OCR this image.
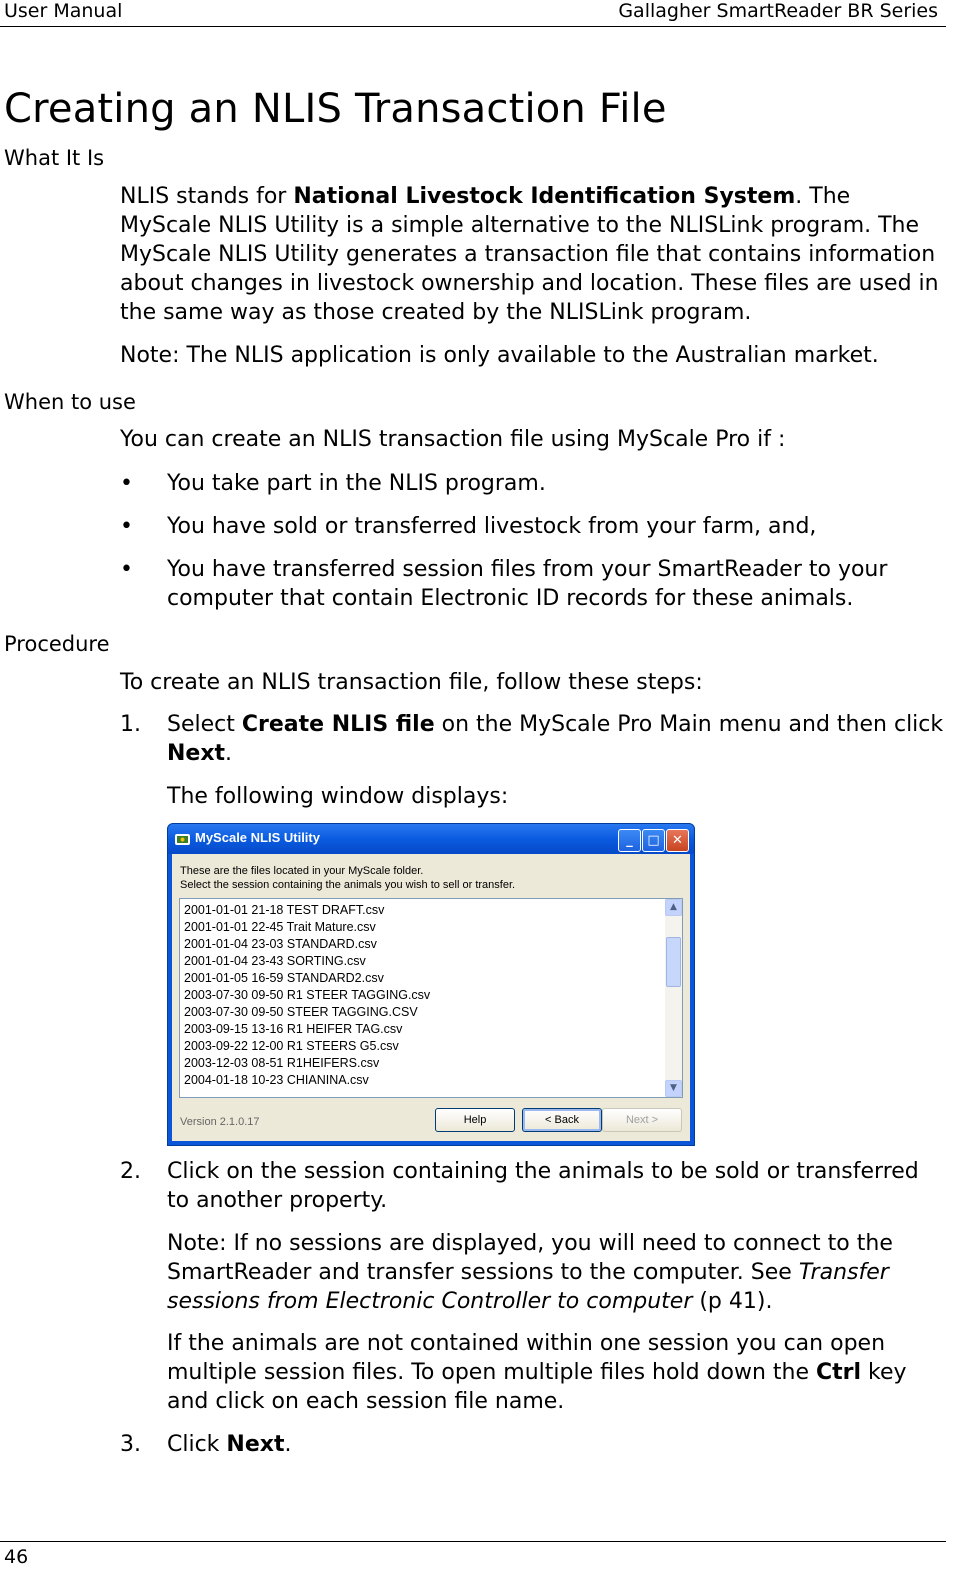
User Manual	Gallagher SmartReader BR Series
Creating an NLIS Transaction File
What It Is

NLIS stands for National Livestock Identification System. The MyScale NLIS Utility is a simple alternative to the NLISLink program. The MyScale NLIS Utility generates a transaction file that contains information about changes in livestock ownership and location. These files are used in the same way as those created by the NLISLink program.

Note: The NLIS application is only available to the Australian market.

When to use

You can create an NLIS transaction file using MyScale Pro if :

•	You take part in the NLIS program.
•	You have sold or transferred livestock from your farm, and,
•	You have transferred session files from your SmartReader to your computer that contain Electronic ID records for these animals.
Procedure

To create an NLIS transaction file, follow these steps:

1. Select Create NLIS file on the MyScale Pro Main menu and then click Next.

The following window displays:

MyScale NLIS Utility	_	□ ✕
These are the files located in your MyScale folder.
Select the session containing the animals you wish to sell or transfer.
2001-01-01 21-18 TEST DRAFT.csv
2001-01-01 22-45 Trait Mature.csv
2001-01-04 23-03 STANDARD.csv
2001-01-04 23-43 SORTING.csv
2001-01-05 16-59 STANDARD2.csv
2003-07-30 09-50 R1 STEER TAGGING.csv
2003-07-30 09-50 STEER TAGGING.CSV
2003-09-15 13-16 R1 HEIFER TAG.csv
2003-09-22 12-00 R1 STEERS G5.csv
2003-12-03 08-51 R1HEIFERS.csv
2004-01-18 10-23 CHIANINA.csv
▲
▼
Version 2.1.0.17	Help	< Back	Next >
2. Click on the session containing the animals to be sold or transferred to another property.

Note: If no sessions are displayed, you will need to connect to the SmartReader and transfer sessions to the computer. See Transfer sessions from Electronic Controller to computer (p 41).

If the animals are not contained within one session you can open multiple session files. To open multiple files hold down the Ctrl key and click on each session file name.

3. Click Next.
46
